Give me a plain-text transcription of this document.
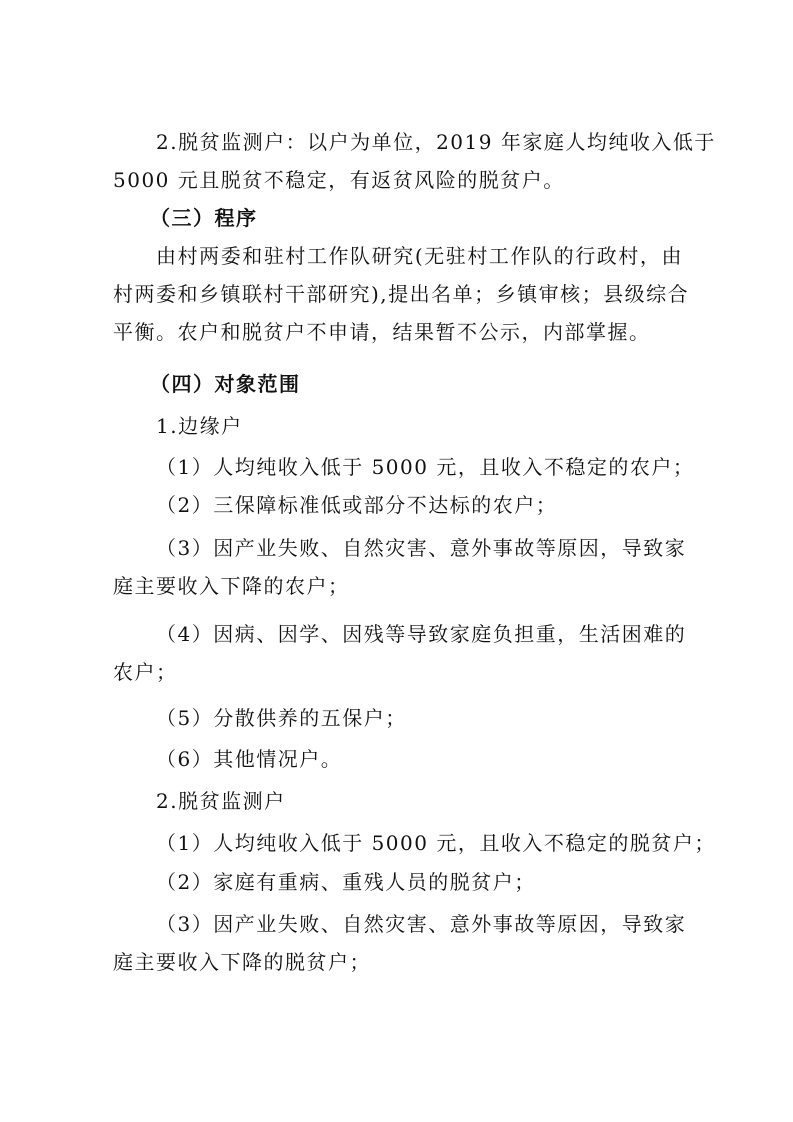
2.脱贫监测户：以户为单位，2019 年家庭人均纯收入低于
5000 元且脱贫不稳定，有返贫风险的脱贫户。

（三）程序

由村两委和驻村工作队研究(无驻村工作队的行政村，由
村两委和乡镇联村干部研究),提出名单；乡镇审核；县级综合
平衡。农户和脱贫户不申请，结果暂不公示，内部掌握。

（四）对象范围

1.边缘户

（1）人均纯收入低于 5000 元，且收入不稳定的农户；

（2）三保障标准低或部分不达标的农户；

（3）因产业失败、自然灾害、意外事故等原因，导致家
庭主要收入下降的农户；

（4）因病、因学、因残等导致家庭负担重，生活困难的
农户；

（5）分散供养的五保户；

（6）其他情况户。

2.脱贫监测户

（1）人均纯收入低于 5000 元，且收入不稳定的脱贫户；

（2）家庭有重病、重残人员的脱贫户；

（3）因产业失败、自然灾害、意外事故等原因，导致家
庭主要收入下降的脱贫户；
